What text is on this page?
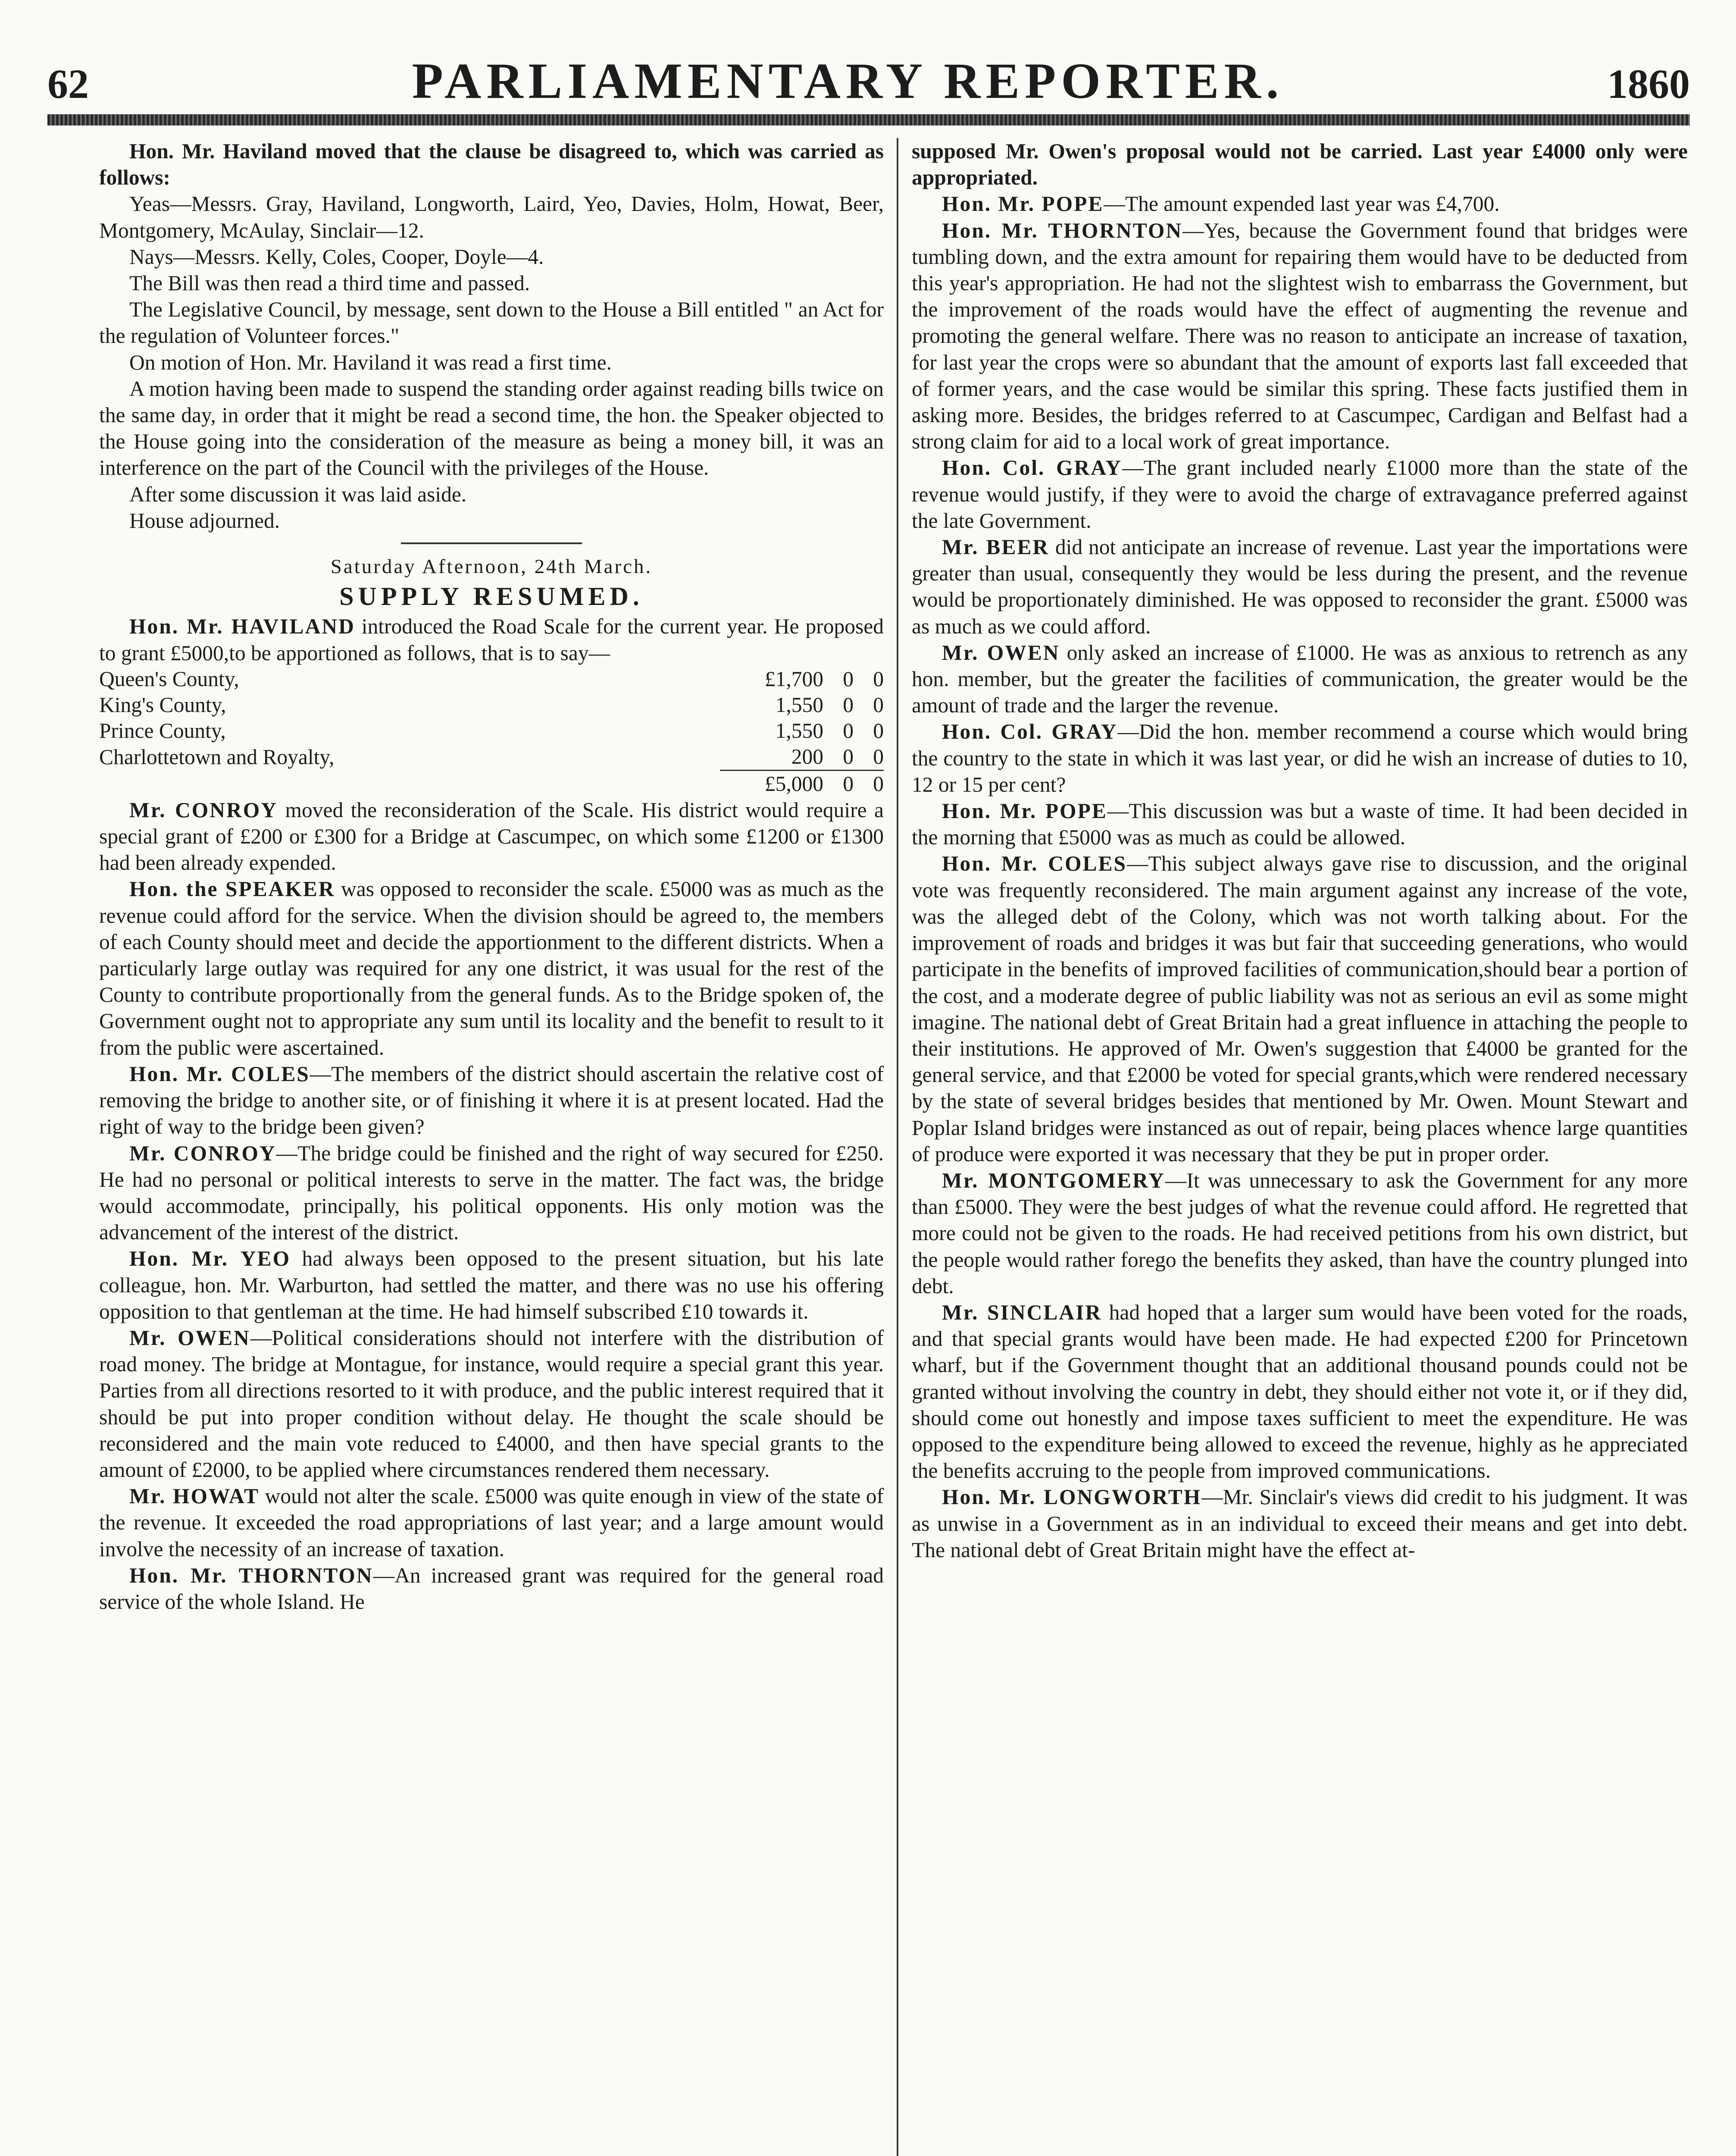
62	PARLIAMENTARY REPORTER.	1860

Hon. Mr. Haviland moved that the clause be disagreed to, which was carried as follows:

Yeas—Messrs. Gray, Haviland, Longworth, Laird, Yeo, Davies, Holm, Howat, Beer, Montgomery, McAulay, Sinclair—12.

Nays—Messrs. Kelly, Coles, Cooper, Doyle—4.

The Bill was then read a third time and passed.

The Legislative Council, by message, sent down to the House a Bill entitled " an Act for the regulation of Volunteer forces."

On motion of Hon. Mr. Haviland it was read a first time.

A motion having been made to suspend the standing order against reading bills twice on the same day, in order that it might be read a second time, the hon. the Speaker objected to the House going into the consideration of the measure as being a money bill, it was an interference on the part of the Council with the privileges of the House.

After some discussion it was laid aside.

House adjourned.

Saturday Afternoon, 24th March.
SUPPLY RESUMED.

Hon. Mr. HAVILAND introduced the Road Scale for the current year. He proposed to grant £5000,to be apportioned as follows, that is to say—

Queen's County,	£1,700	0	0
King's County,	1,550	0	0
Prince County,	1,550	0	0
Charlottetown and Royalty,	200	0	0
	£5,000	0	0

Mr. CONROY moved the reconsideration of the Scale. His district would require a special grant of £200 or £300 for a Bridge at Cascumpec, on which some £1200 or £1300 had been already expended.

Hon. the SPEAKER was opposed to reconsider the scale. £5000 was as much as the revenue could afford for the service. When the division should be agreed to, the members of each County should meet and decide the apportionment to the different districts. When a particularly large outlay was required for any one district, it was usual for the rest of the County to contribute proportionally from the general funds. As to the Bridge spoken of, the Government ought not to appropriate any sum until its locality and the benefit to result to it from the public were ascertained.

Hon. Mr. COLES—The members of the district should ascertain the relative cost of removing the bridge to another site, or of finishing it where it is at present located. Had the right of way to the bridge been given?

Mr. CONROY—The bridge could be finished and the right of way secured for £250. He had no personal or political interests to serve in the matter. The fact was, the bridge would accommodate, principally, his political opponents. His only motion was the advancement of the interest of the district.

Hon. Mr. YEO had always been opposed to the present situation, but his late colleague, hon. Mr. Warburton, had settled the matter, and there was no use his offering opposition to that gentleman at the time. He had himself subscribed £10 towards it.

Mr. OWEN—Political considerations should not interfere with the distribution of road money. The bridge at Montague, for instance, would require a special grant this year. Parties from all directions resorted to it with produce, and the public interest required that it should be put into proper condition without delay. He thought the scale should be reconsidered and the main vote reduced to £4000, and then have special grants to the amount of £2000, to be applied where circumstances rendered them necessary.

Mr. HOWAT would not alter the scale. £5000 was quite enough in view of the state of the revenue. It exceeded the road appropriations of last year; and a large amount would involve the necessity of an increase of taxation.

Hon. Mr. THORNTON—An increased grant was required for the general road service of the whole Island. He

supposed Mr. Owen's proposal would not be carried. Last year £4000 only were appropriated.

Hon. Mr. POPE—The amount expended last year was £4,700.

Hon. Mr. THORNTON—Yes, because the Government found that bridges were tumbling down, and the extra amount for repairing them would have to be deducted from this year's appropriation. He had not the slightest wish to embarrass the Government, but the improvement of the roads would have the effect of augmenting the revenue and promoting the general welfare. There was no reason to anticipate an increase of taxation, for last year the crops were so abundant that the amount of exports last fall exceeded that of former years, and the case would be similar this spring. These facts justified them in asking more. Besides, the bridges referred to at Cascumpec, Cardigan and Belfast had a strong claim for aid to a local work of great importance.

Hon. Col. GRAY—The grant included nearly £1000 more than the state of the revenue would justify, if they were to avoid the charge of extravagance preferred against the late Government.

Mr. BEER did not anticipate an increase of revenue. Last year the importations were greater than usual, consequently they would be less during the present, and the revenue would be proportionately diminished. He was opposed to reconsider the grant. £5000 was as much as we could afford.

Mr. OWEN only asked an increase of £1000. He was as anxious to retrench as any hon. member, but the greater the facilities of communication, the greater would be the amount of trade and the larger the revenue.

Hon. Col. GRAY—Did the hon. member recommend a course which would bring the country to the state in which it was last year, or did he wish an increase of duties to 10, 12 or 15 per cent?

Hon. Mr. POPE—This discussion was but a waste of time. It had been decided in the morning that £5000 was as much as could be allowed.

Hon. Mr. COLES—This subject always gave rise to discussion, and the original vote was frequently reconsidered. The main argument against any increase of the vote, was the alleged debt of the Colony, which was not worth talking about. For the improvement of roads and bridges it was but fair that succeeding generations, who would participate in the benefits of improved facilities of communication,should bear a portion of the cost, and a moderate degree of public liability was not as serious an evil as some might imagine. The national debt of Great Britain had a great influence in attaching the people to their institutions. He approved of Mr. Owen's suggestion that £4000 be granted for the general service, and that £2000 be voted for special grants,which were rendered necessary by the state of several bridges besides that mentioned by Mr. Owen. Mount Stewart and Poplar Island bridges were instanced as out of repair, being places whence large quantities of produce were exported it was necessary that they be put in proper order.

Mr. MONTGOMERY—It was unnecessary to ask the Government for any more than £5000. They were the best judges of what the revenue could afford. He regretted that more could not be given to the roads. He had received petitions from his own district, but the people would rather forego the benefits they asked, than have the country plunged into debt.

Mr. SINCLAIR had hoped that a larger sum would have been voted for the roads, and that special grants would have been made. He had expected £200 for Princetown wharf, but if the Government thought that an additional thousand pounds could not be granted without involving the country in debt, they should either not vote it, or if they did, should come out honestly and impose taxes sufficient to meet the expenditure. He was opposed to the expenditure being allowed to exceed the revenue, highly as he appreciated the benefits accruing to the people from improved communications.

Hon. Mr. LONGWORTH—Mr. Sinclair's views did credit to his judgment. It was as unwise in a Government as in an individual to exceed their means and get into debt. The national debt of Great Britain might have the effect at-
